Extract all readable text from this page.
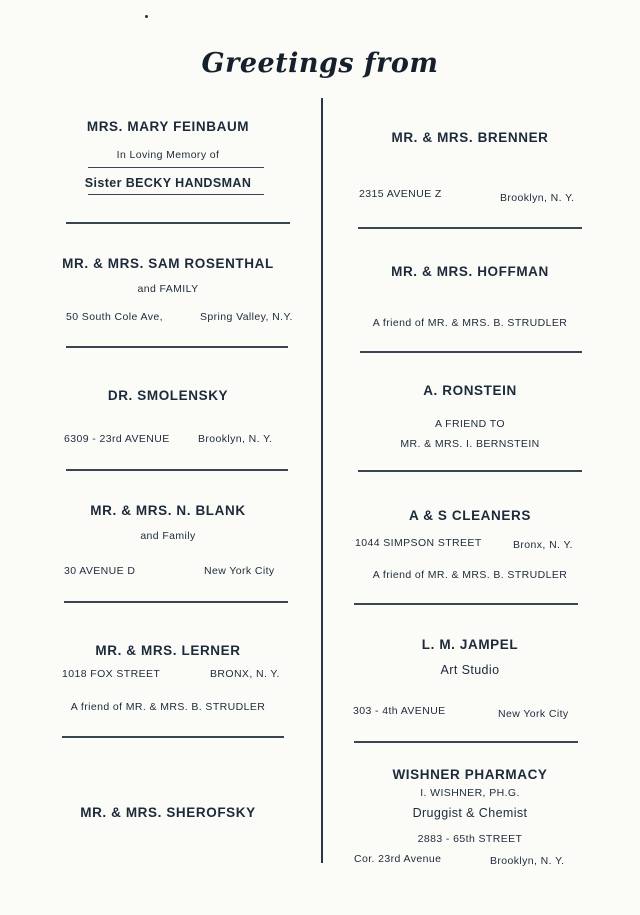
Greetings from
MRS. MARY FEINBAUM
In Loving Memory of
Sister BECKY HANDSMAN
MR. & MRS. SAM ROSENTHAL
and FAMILY
50 South Cole Ave,	Spring Valley, N.Y.
DR. SMOLENSKY
6309 - 23rd AVENUE	Brooklyn, N. Y.
MR. & MRS. N. BLANK
and Family
30 AVENUE D	New York City
MR. & MRS. LERNER
1018 FOX STREET	BRONX, N. Y.
A friend of MR. & MRS. B. STRUDLER
MR. & MRS. SHEROFSKY
MR. & MRS. BRENNER
2315 AVENUE Z	Brooklyn, N. Y.
MR. & MRS. HOFFMAN
A friend of MR. & MRS. B. STRUDLER
A. RONSTEIN
A FRIEND TO
MR. & MRS. I. BERNSTEIN
A & S CLEANERS
1044 SIMPSON STREET	Bronx, N. Y.
A friend of MR. & MRS. B. STRUDLER
L. M. JAMPEL
Art Studio
303 - 4th AVENUE	New York City
WISHNER PHARMACY
I. WISHNER, PH.G.
Druggist & Chemist
2883 - 65th STREET
Cor. 23rd Avenue	Brooklyn, N. Y.
